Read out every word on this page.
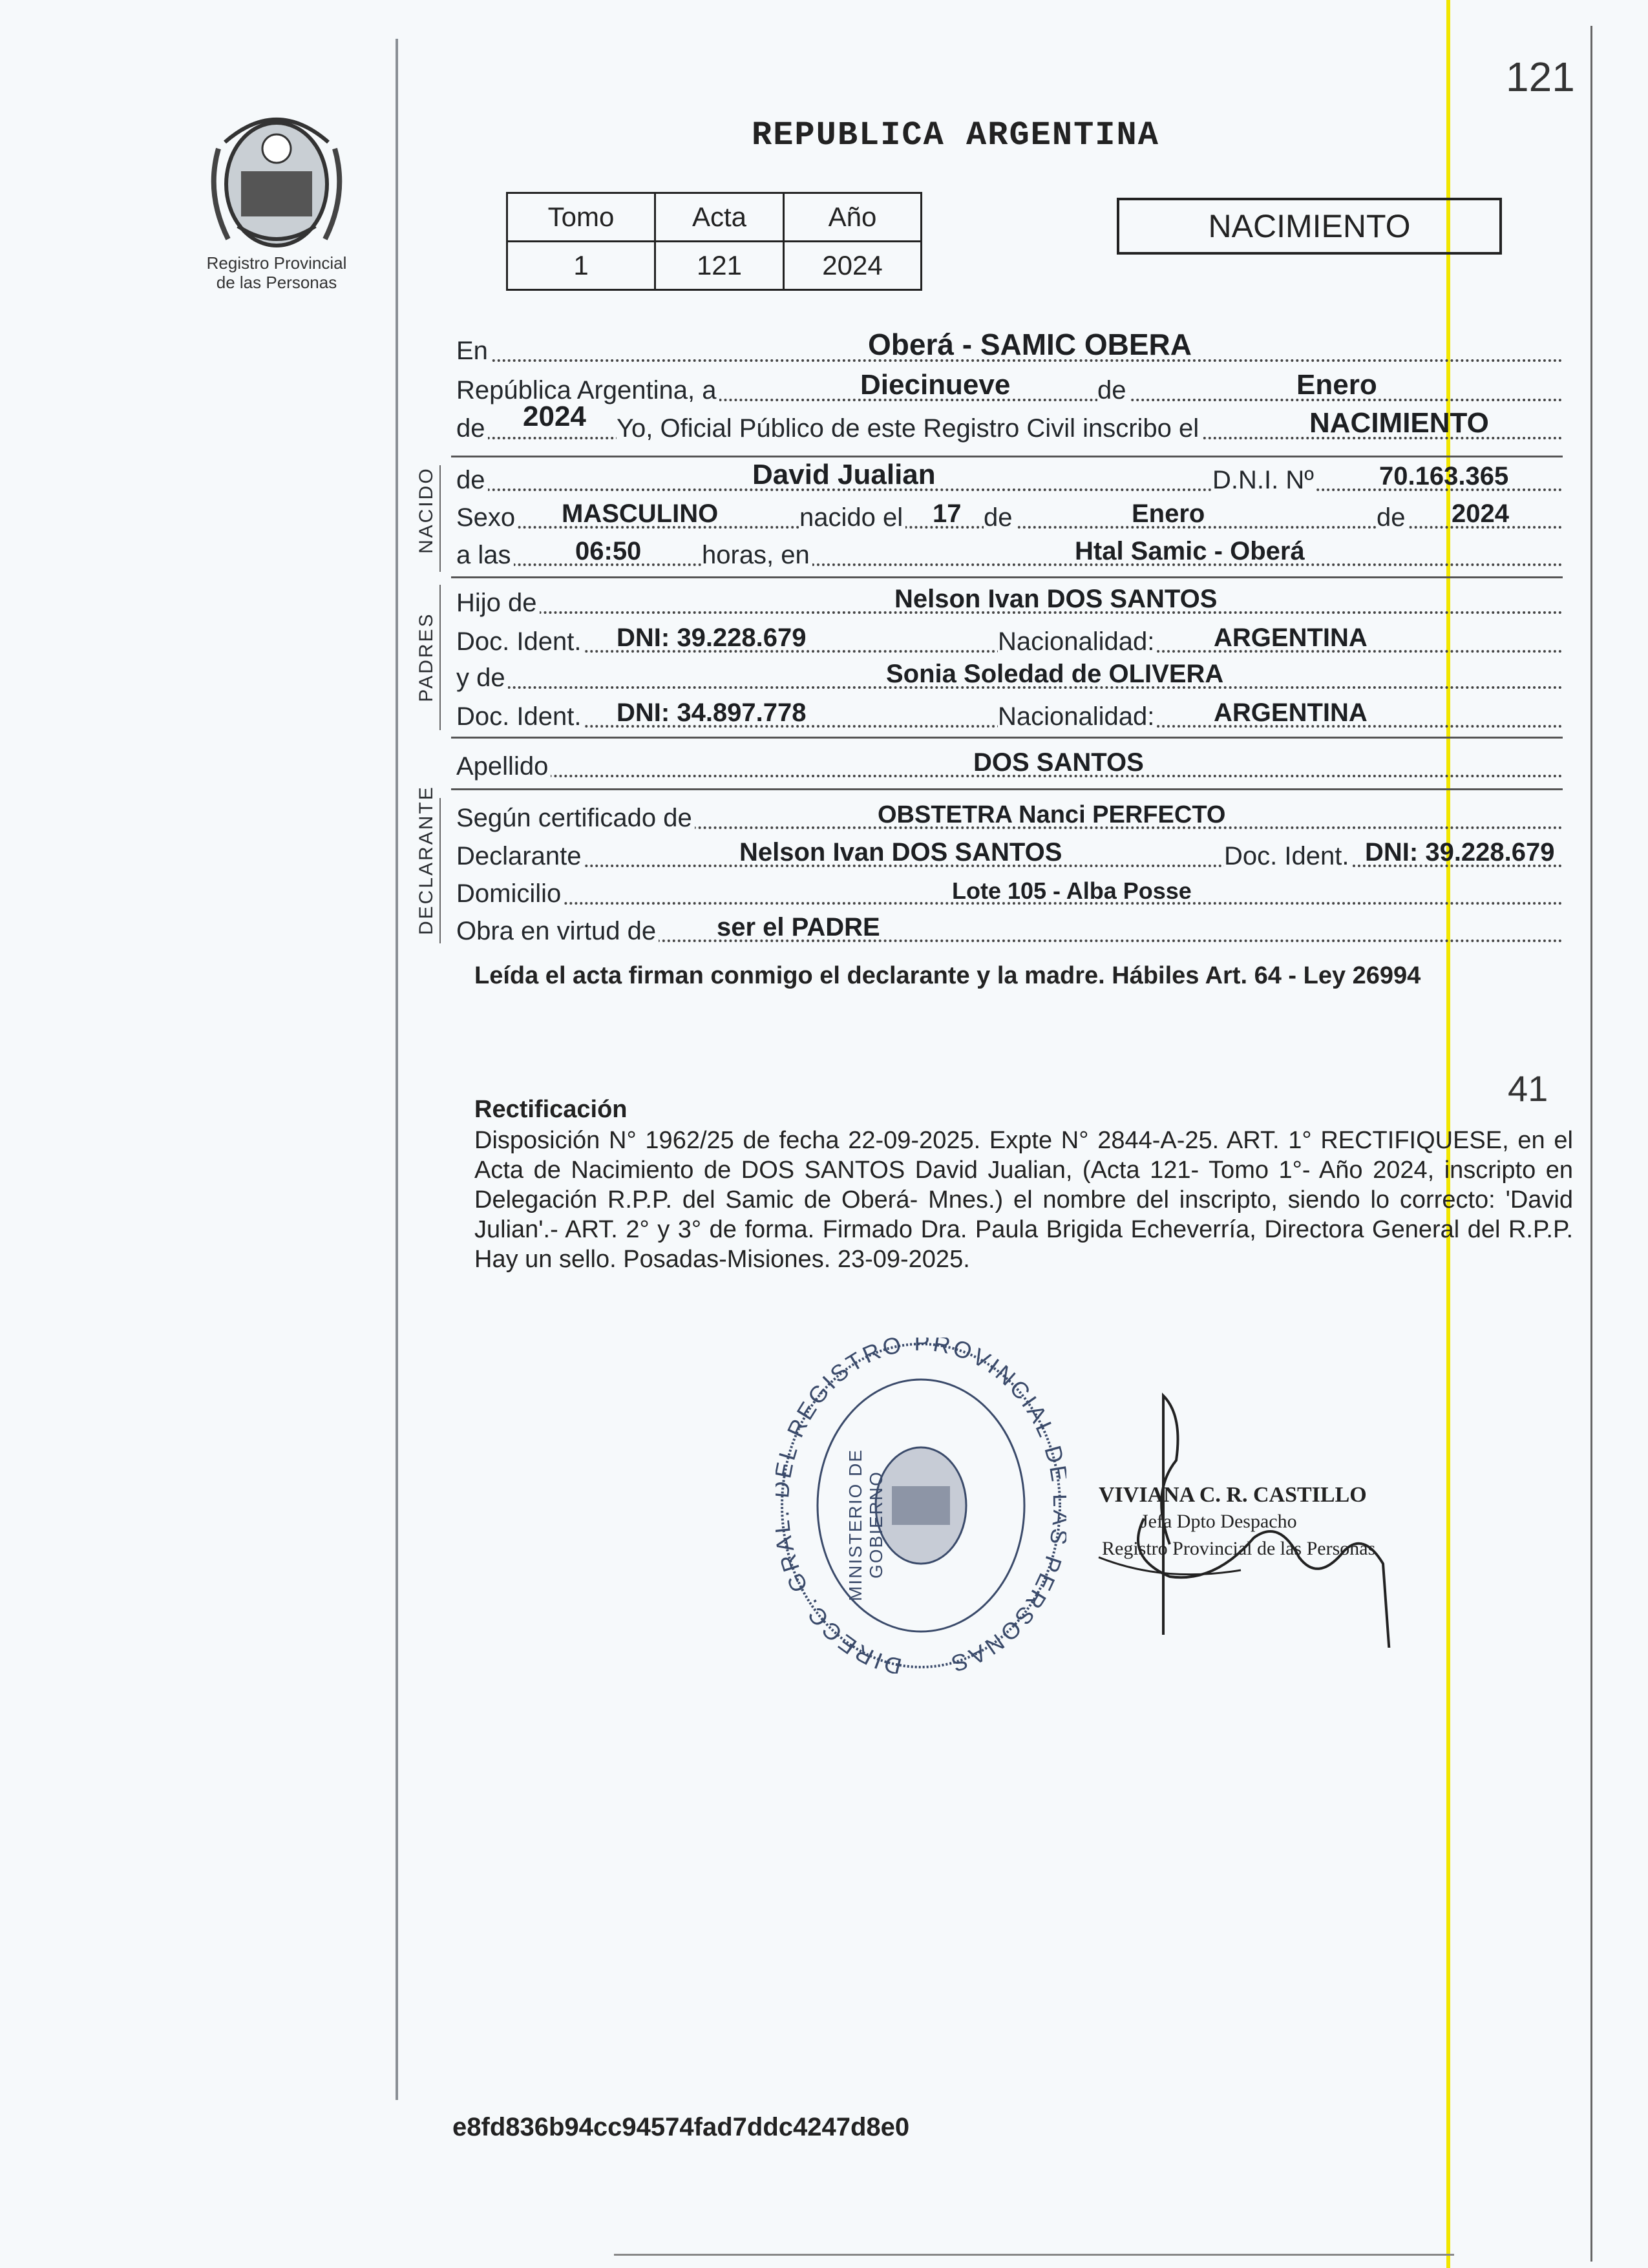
121
Registro Provincial
de las Personas
REPUBLICA ARGENTINA
Tomo	Acta	Año
1	121	2024
NACIMIENTO
En	Oberá - SAMIC OBERA
República Argentina, a	Diecinueve	de	Enero
de 2024 Yo, Oficial Público de este Registro Civil inscribo el	NACIMIENTO
NACIDO de	David Jualian	D.N.I. Nº	70.163.365
Sexo MASCULINO	nacido el 17 de	Enero	de 2024
a las 06:50 horas, en	Htal Samic - Oberá
PADRES
Hijo de	Nelson Ivan DOS SANTOS
Doc. Ident. DNI: 39.228.679	Nacionalidad: ARGENTINA
y de	Sonia Soledad de OLIVERA
Doc. Ident. DNI: 34.897.778	Nacionalidad: ARGENTINA
Apellido	DOS SANTOS
DECLARANTE Según certificado de	OBSTETRA Nanci PERFECTO
Declarante	Nelson Ivan DOS SANTOS	Doc. Ident. DNI: 39.228.679
Domicilio	Lote 105 - Alba Posse
Obra en virtud de ser el PADRE
Leída el acta firman conmigo el declarante y la madre. Hábiles Art. 64 - Ley 26994
41
Rectificación
Disposición N° 1962/25 de fecha 22-09-2025. Expte N° 2844-A-25. ART. 1° RECTIFIQUESE, en el Acta de Nacimiento de DOS SANTOS David Jualian, (Acta 121- Tomo 1°- Año 2024, inscripto en Delegación R.P.P. del Samic de Oberá- Mnes.) el nombre del inscripto, siendo lo correcto: 'David Julian'.- ART. 2° y 3° de forma. Firmado Dra. Paula Brigida Echeverría, Directora General del R.P.P. Hay un sello. Posadas-Misiones. 23-09-2025.
DIRECC. GR L REGISTRO PROVINCIAL PERSONAS
MINISTERIO DE GOBIERNO	VIVIANA C. R. CASTILLO
Jefa Dpto Despacho
Registro Provincial de las Personas
e8fd836b94cc94574fad7ddc4247d8e0
